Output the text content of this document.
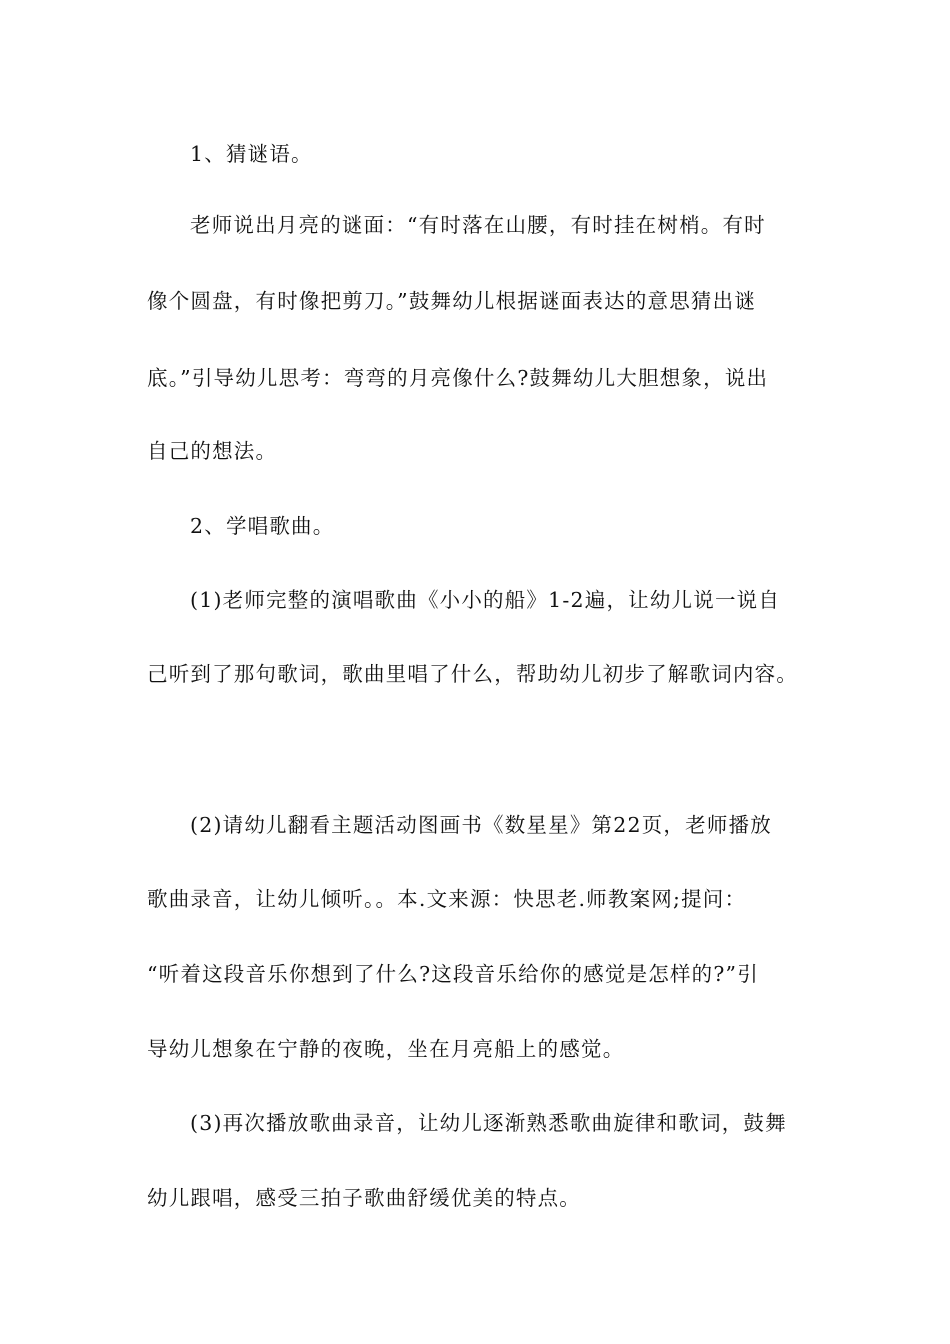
1、猜谜语。
老师说出月亮的谜面：“有时落在山腰，有时挂在树梢。有时
像个圆盘，有时像把剪刀。”鼓舞幼儿根据谜面表达的意思猜出谜
底。”引导幼儿思考：弯弯的月亮像什么?鼓舞幼儿大胆想象，说出
自己的想法。
2、学唱歌曲。
(1)老师完整的演唱歌曲《小小的船》1-2遍，让幼儿说一说自
己听到了那句歌词，歌曲里唱了什么，帮助幼儿初步了解歌词内容。
(2)请幼儿翻看主题活动图画书《数星星》第22页，老师播放
歌曲录音，让幼儿倾听。。本.文来源：快思老.师教案网;提问：
“听着这段音乐你想到了什么?这段音乐给你的感觉是怎样的?”引
导幼儿想象在宁静的夜晚，坐在月亮船上的感觉。
(3)再次播放歌曲录音，让幼儿逐渐熟悉歌曲旋律和歌词，鼓舞
幼儿跟唱，感受三拍子歌曲舒缓优美的特点。
